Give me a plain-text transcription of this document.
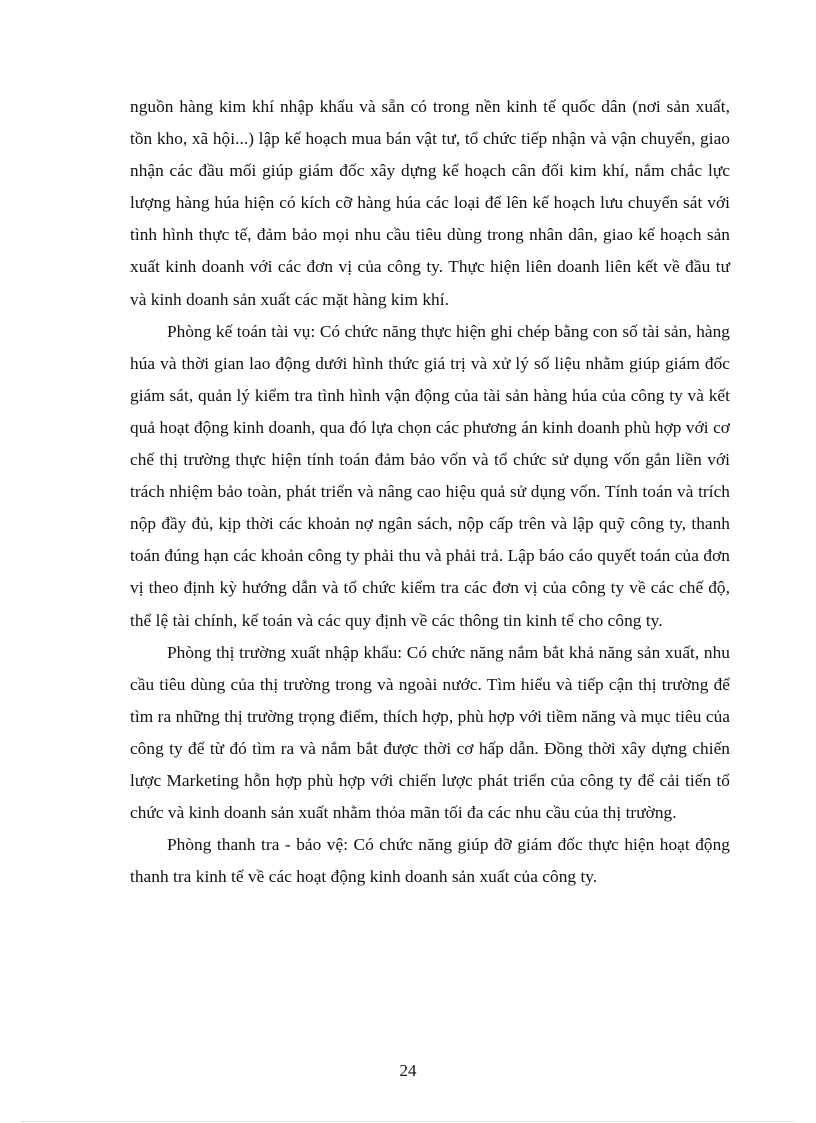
nguồn hàng kim khí nhập khẩu và sẵn có trong nền kinh tế quốc dân (nơi sản xuất, tồn kho, xã hội...) lập kế hoạch mua bán vật tư, tổ chức tiếp nhận và vận chuyển, giao nhận các đầu mối giúp giám đốc xây dựng kế hoạch cân đối kim khí, nắm chắc lực lượng hàng húa hiện có kích cỡ hàng húa các loại để lên kế hoạch lưu chuyển sát với tình hình thực tế, đảm bảo mọi nhu cầu tiêu dùng trong nhân dân, giao kế hoạch sản xuất kinh doanh với các đơn vị của công ty. Thực hiện liên doanh liên kết về đầu tư và kinh doanh sản xuất các mặt hàng kim khí.

Phòng kế toán tài vụ: Có chức năng thực hiện ghi chép bằng con số tài sản, hàng húa và thời gian lao động dưới hình thức giá trị và xử lý số liệu nhằm giúp giám đốc giám sát, quản lý kiểm tra tình hình vận động của tài sản hàng húa của công ty và kết quả hoạt động kinh doanh, qua đó lựa chọn các phương án kinh doanh phù hợp với cơ chế thị trường thực hiện tính toán đảm bảo vốn và tổ chức sử dụng vốn gắn liền với trách nhiệm bảo toàn, phát triển và nâng cao hiệu quả sử dụng vốn. Tính toán và trích nộp đầy đủ, kịp thời các khoản nợ ngân sách, nộp cấp trên và lập quỹ công ty, thanh toán đúng hạn các khoản công ty phải thu và phải trả. Lập báo cáo quyết toán của đơn vị theo định kỳ hướng dẫn và tổ chức kiểm tra các đơn vị của công ty về các chế độ, thể lệ tài chính, kế toán và các quy định về các thông tin kinh tế cho công ty.

Phòng thị trường xuất nhập khẩu: Có chức năng nắm bắt khả năng sản xuất, nhu cầu tiêu dùng của thị trường trong và ngoài nước. Tìm hiểu và tiếp cận thị trường để tìm ra những thị trường trọng điểm, thích hợp, phù hợp với tiềm năng và mục tiêu của công ty để từ đó tìm ra và nắm bắt được thời cơ hấp dẫn. Đồng thời xây dựng chiến lược Marketing hỗn hợp phù hợp với chiến lược phát triển của công ty để cải tiến tổ chức và kinh doanh sản xuất nhằm thỏa mãn tối đa các nhu cầu của thị trường.

Phòng thanh tra - bảo vệ: Có chức năng giúp đỡ giám đốc thực hiện hoạt động thanh tra kinh tế về các hoạt động kinh doanh sản xuất của công ty.

24
